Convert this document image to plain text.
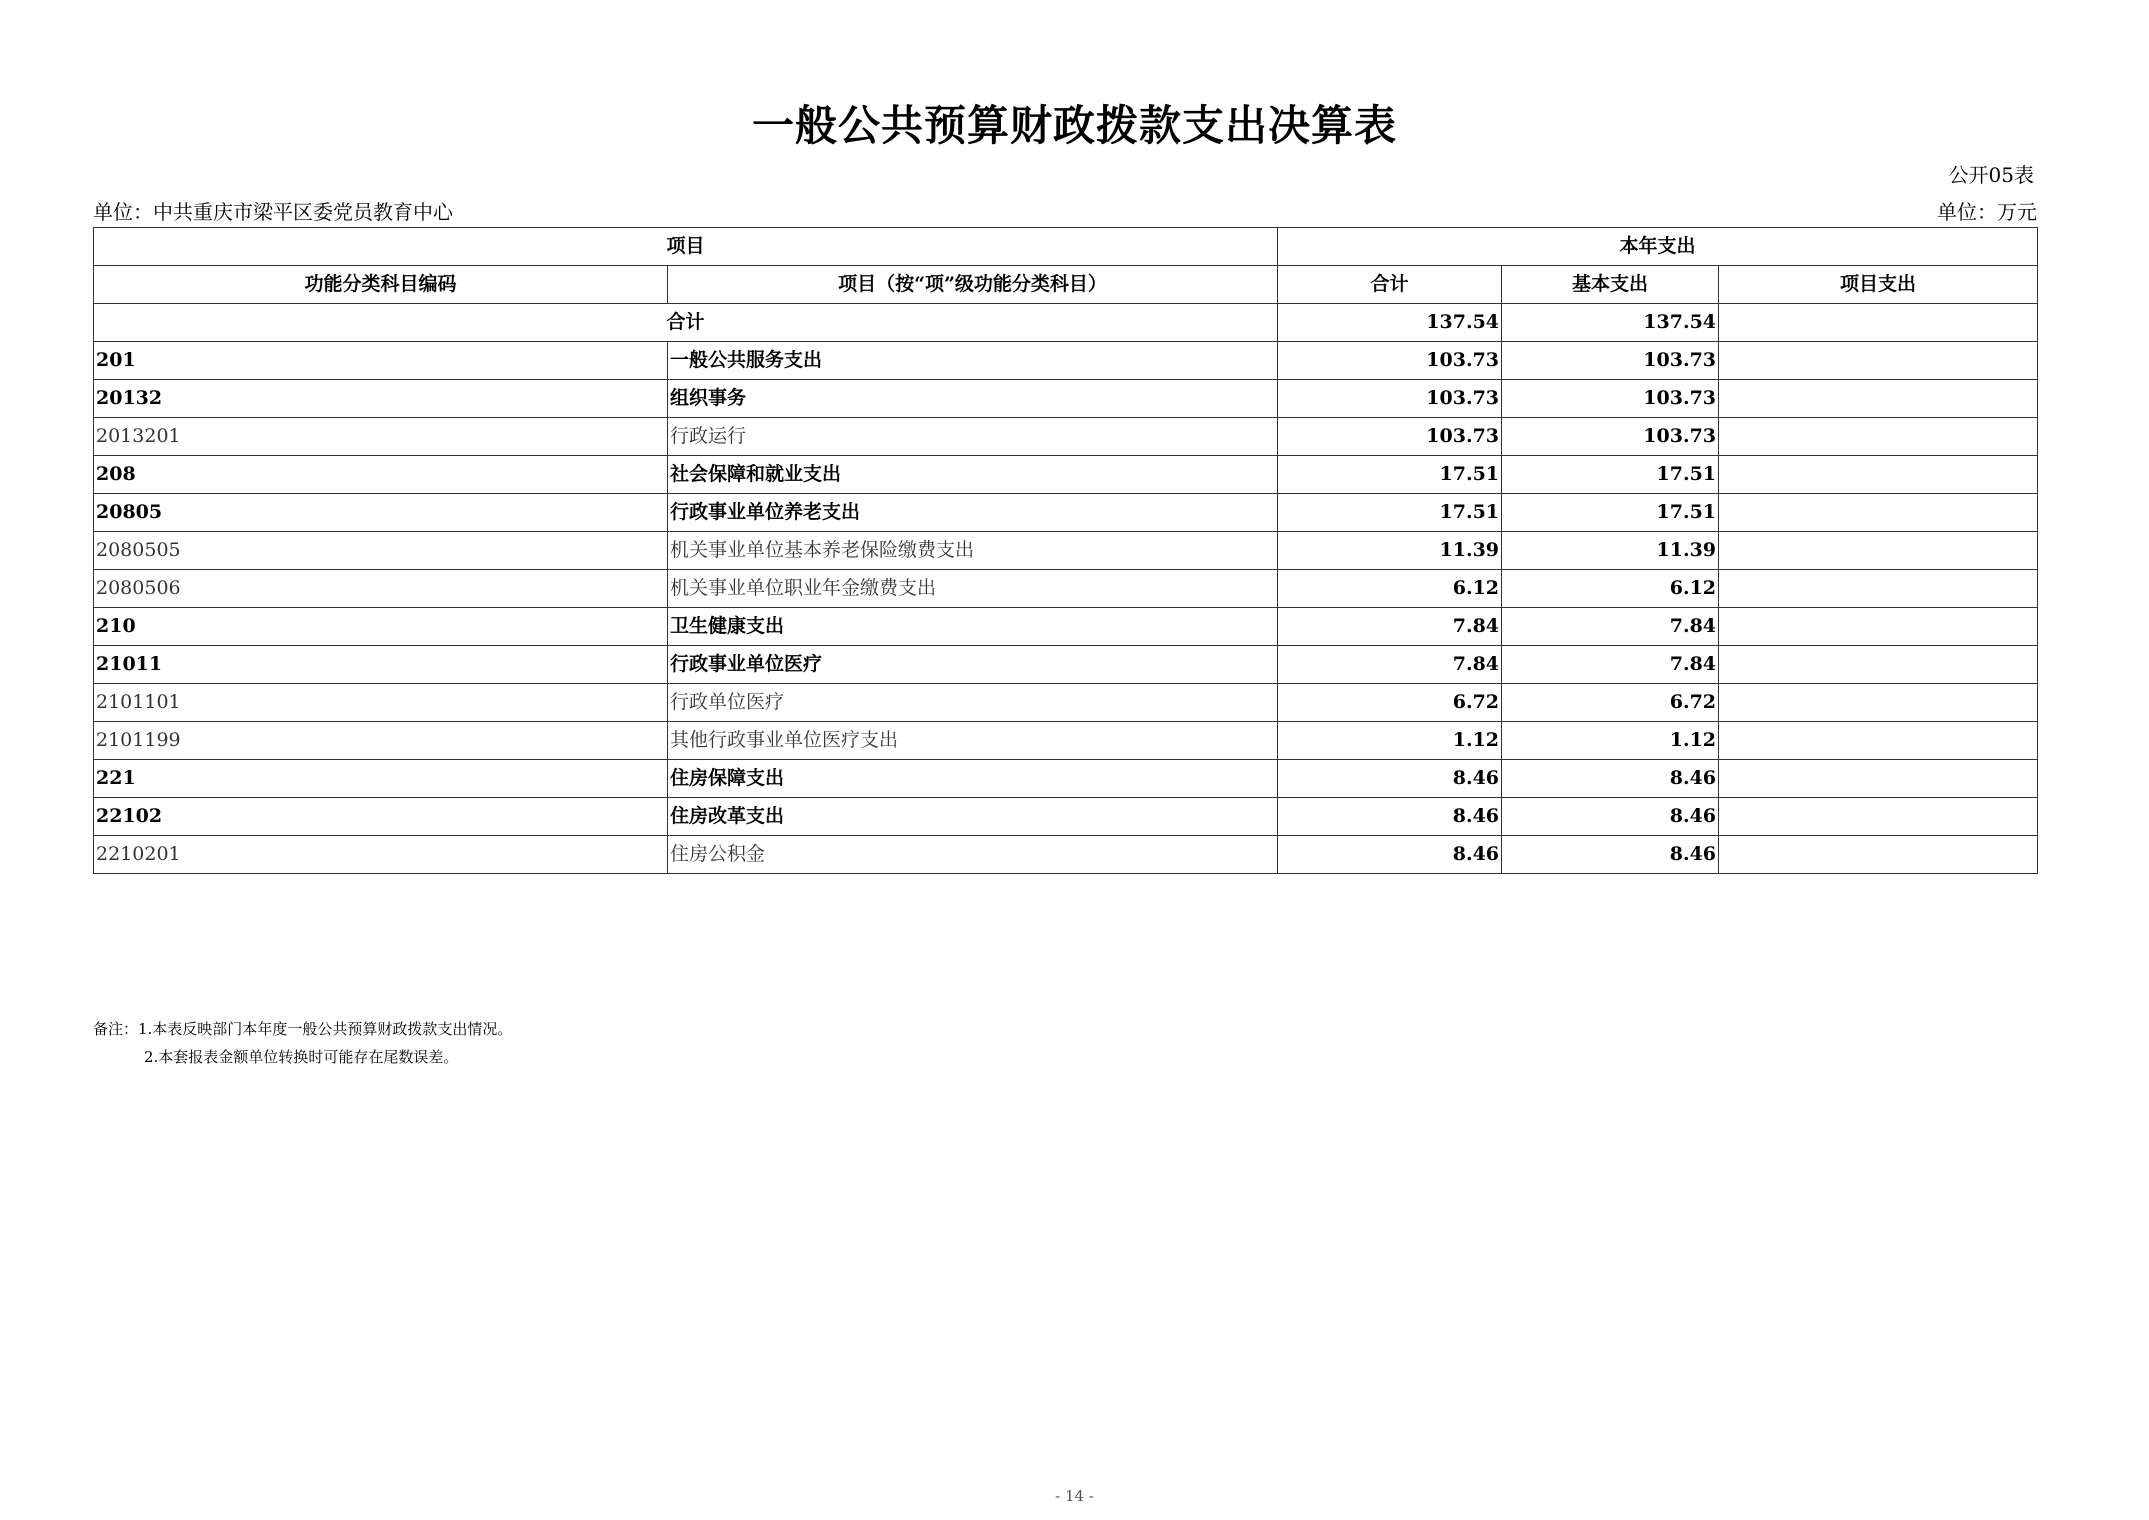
一般公共预算财政拨款支出决算表
公开05表
单位：中共重庆市梁平区委党员教育中心	单位：万元
项目		本年支出		
功能分类科目编码	项目（按“项”级功能分类科目）	合计	基本支出	项目支出
合计		137.54	137.54	
201	一般公共服务支出	103.73	103.73	
20132	组织事务	103.73	103.73	
2013201	行政运行	103.73	103.73	
208	社会保障和就业支出	17.51	17.51	
20805	行政事业单位养老支出	17.51	17.51	
2080505	机关事业单位基本养老保险缴费支出	11.39	11.39	
2080506	机关事业单位职业年金缴费支出	6.12	6.12	
210	卫生健康支出	7.84	7.84	
21011	行政事业单位医疗	7.84	7.84	
2101101	行政单位医疗	6.72	6.72	
2101199	其他行政事业单位医疗支出	1.12	1.12	
221	住房保障支出	8.46	8.46	
22102	住房改革支出	8.46	8.46	
2210201	住房公积金	8.46	8.46	
备注：1.本表反映部门本年度一般公共预算财政拨款支出情况。
2.本套报表金额单位转换时可能存在尾数误差。
- 14 -
